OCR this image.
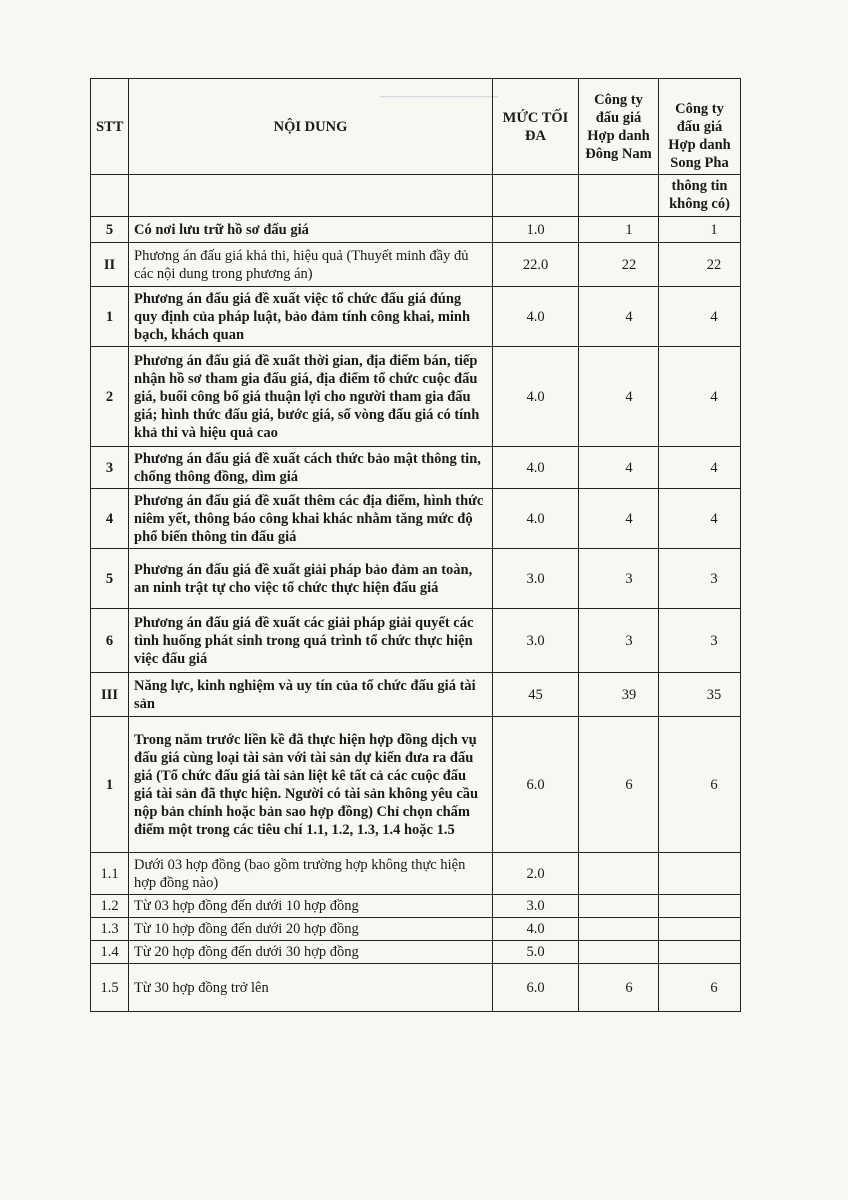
▔▔▔▔▔▔▔▔▔▔▔▔▔▔
STT	NỘI DUNG	MỨC TỐI ĐA	Công ty đấu giá Hợp danh Đông Nam	Công ty đấu giá Hợp danh Song Pha
				thông tin không có)
5	Có nơi lưu trữ hồ sơ đấu giá	1.0	1	1
II	Phương án đấu giá khả thi, hiệu quả (Thuyết minh đầy đủ các nội dung trong phương án)	22.0	22	22
1	Phương án đấu giá đề xuất việc tổ chức đấu giá đúng quy định của pháp luật, bảo đảm tính công khai, minh bạch, khách quan	4.0	4	4
2	Phương án đấu giá đề xuất thời gian, địa điểm bán, tiếp nhận hồ sơ tham gia đấu giá, địa điểm tổ chức cuộc đấu giá, buổi công bố giá thuận lợi cho người tham gia đấu giá; hình thức đấu giá, bước giá, số vòng đấu giá có tính khả thi và hiệu quả cao	4.0	4	4
3	Phương án đấu giá đề xuất cách thức bảo mật thông tin, chống thông đồng, dìm giá	4.0	4	4
4	Phương án đấu giá đề xuất thêm các địa điểm, hình thức niêm yết, thông báo công khai khác nhằm tăng mức độ phổ biến thông tin đấu giá	4.0	4	4
5	Phương án đấu giá đề xuất giải pháp bảo đảm an toàn, an ninh trật tự cho việc tổ chức thực hiện đấu giá	3.0	3	3
6	Phương án đấu giá đề xuất các giải pháp giải quyết các tình huống phát sinh trong quá trình tổ chức thực hiện việc đấu giá	3.0	3	3
III	Năng lực, kinh nghiệm và uy tín của tổ chức đấu giá tài sản	45	39	35
1	Trong năm trước liền kề đã thực hiện hợp đồng dịch vụ đấu giá cùng loại tài sản với tài sản dự kiến đưa ra đấu giá (Tổ chức đấu giá tài sản liệt kê tất cả các cuộc đấu giá tài sản đã thực hiện. Người có tài sản không yêu cầu nộp bản chính hoặc bản sao hợp đồng) Chỉ chọn chấm điểm một trong các tiêu chí 1.1, 1.2, 1.3, 1.4 hoặc 1.5	6.0	6	6
1.1	Dưới 03 hợp đồng (bao gồm trường hợp không thực hiện hợp đồng nào)	2.0		
1.2	Từ 03 hợp đồng đến dưới 10 hợp đồng	3.0		
1.3	Từ 10 hợp đồng đến dưới 20 hợp đồng	4.0		
1.4	Từ 20 hợp đồng đến dưới 30 hợp đồng	5.0		
1.5	Từ 30 hợp đồng trở lên	6.0	6	6
